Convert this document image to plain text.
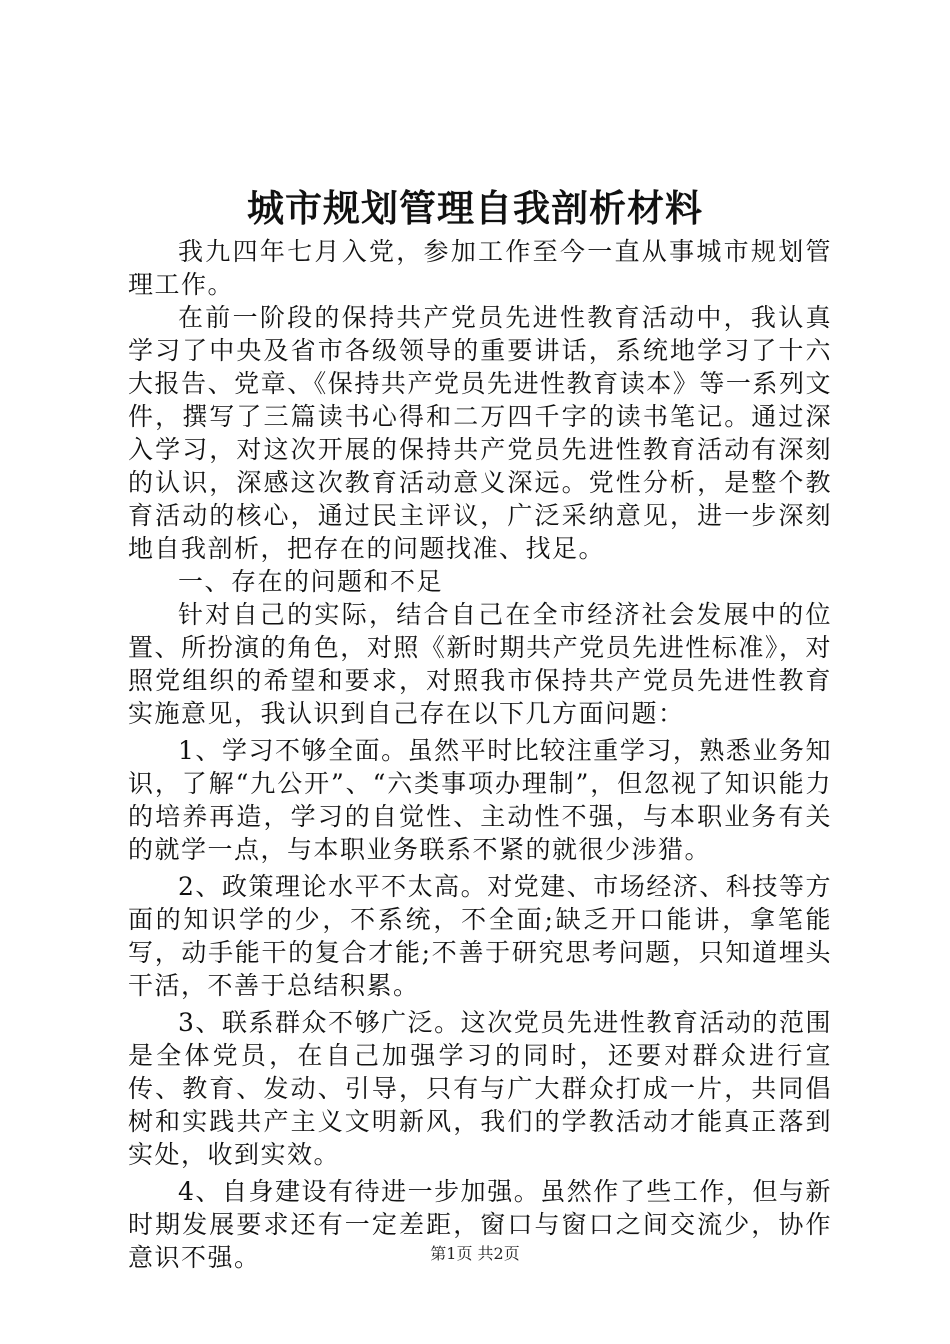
城市规划管理自我剖析材料

我九四年七月入党，参加工作至今一直从事城市规划管理工作。

在前一阶段的保持共产党员先进性教育活动中，我认真学习了中央及省市各级领导的重要讲话，系统地学习了十六大报告、党章、《保持共产党员先进性教育读本》等一系列文件，撰写了三篇读书心得和二万四千字的读书笔记。通过深入学习，对这次开展的保持共产党员先进性教育活动有深刻的认识，深感这次教育活动意义深远。党性分析，是整个教育活动的核心，通过民主评议，广泛采纳意见，进一步深刻地自我剖析，把存在的问题找准、找足。

一、存在的问题和不足

针对自己的实际，结合自己在全市经济社会发展中的位置、所扮演的角色，对照《新时期共产党员先进性标准》，对照党组织的希望和要求，对照我市保持共产党员先进性教育实施意见，我认识到自己存在以下几方面问题：

1、学习不够全面。虽然平时比较注重学习，熟悉业务知识，了解“九公开”、“六类事项办理制”，但忽视了知识能力的培养再造，学习的自觉性、主动性不强，与本职业务有关的就学一点，与本职业务联系不紧的就很少涉猎。

2、政策理论水平不太高。对党建、市场经济、科技等方面的知识学的少，不系统，不全面;缺乏开口能讲，拿笔能写，动手能干的复合才能;不善于研究思考问题，只知道埋头干活，不善于总结积累。

3、联系群众不够广泛。这次党员先进性教育活动的范围是全体党员，在自己加强学习的同时，还要对群众进行宣传、教育、发动、引导，只有与广大群众打成一片，共同倡树和实践共产主义文明新风，我们的学教活动才能真正落到实处，收到实效。

4、自身建设有待进一步加强。虽然作了些工作，但与新时期发展要求还有一定差距，窗口与窗口之间交流少，协作意识不强。	第1页 共2页
